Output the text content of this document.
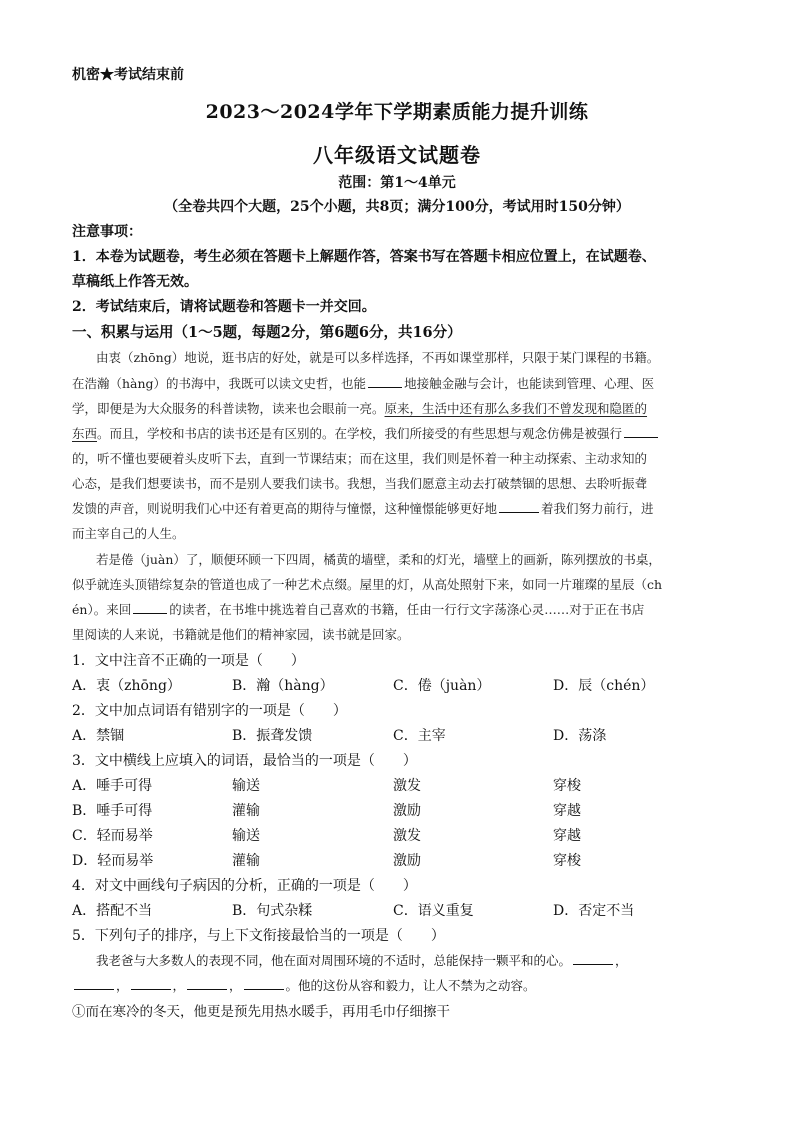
机密★考试结束前
2023～2024学年下学期素质能力提升训练
八年级语文试题卷
范围：第1～4单元
（全卷共四个大题，25个小题，共8页；满分100分，考试用时150分钟）
注意事项：
1．本卷为试题卷，考生必须在答题卡上解题作答，答案书写在答题卡相应位置上，在试题卷、
草稿纸上作答无效。
2．考试结束后，请将试题卷和答题卡一并交回。
一、积累与运用（1～5题，每题2分，第6题6分，共16分）
由衷（zhōng）地说，逛书店的好处，就是可以多样选择，不再如课堂那样，只限于某门课程的书籍。
在浩瀚（hàng）的书海中，我既可以读文史哲，也能	地接触金融与会计，也能读到管理、心理、医
学，即便是为大众服务的科普读物，读来也会眼前一亮。原来，生活中还有那么多我们不曾发现和隐匿的
东西。而且，学校和书店的读书还是有区别的。在学校，我们所接受的有些思想与观念仿佛是被强行
的，听不懂也要硬着头皮听下去，直到一节课结束；而在这里，我们则是怀着一种主动探索、主动求知的
心态，是我们想要读书，而不是别人要我们读书。我想，当我们愿意主动去打破禁锢的思想、去聆听振聋
发馈的声音，则说明我们心中还有着更高的期待与憧憬，这种憧憬能够更好地	着我们努力前行，进
而主宰自己的人生。
若是倦（juàn）了，顺便环顾一下四周，橘黄的墙壁，柔和的灯光，墙壁上的画新，陈列摆放的书桌，
似乎就连头顶错综复杂的管道也成了一种艺术点缀。屋里的灯，从高处照射下来，如同一片璀璨的星辰（ch
én）。来回	的读者，在书堆中挑选着自己喜欢的书籍，任由一行行文字荡涤心灵……对于正在书店
里阅读的人来说，书籍就是他们的精神家园，读书就是回家。
1．文中注音不正确的一项是（　　）
A．衷（zhōng）	B．瀚（hàng）	C．倦（juàn）	D．辰（chén）
2．文中加点词语有错别字的一项是（　　）
A．禁锢	B．振聋发馈	C．主宰	D．荡涤
3．文中横线上应填入的词语，最恰当的一项是（　　）
A．唾手可得	输送	激发	穿梭
B．唾手可得	灌输	激励	穿越
C．轻而易举	输送	激发	穿越
D．轻而易举	灌输	激励	穿梭
4．对文中画线句子病因的分析，正确的一项是（　　）
A．搭配不当	B．句式杂糅	C．语义重复	D．否定不当
5．下列句子的排序，与上下文衔接最恰当的一项是（　　）
我老爸与大多数人的表现不同，他在面对周围环境的不适时，总能保持一颗平和的心。	，
，	，	，	。他的这份从容和毅力，让人不禁为之动容。
①而在寒冷的冬天，他更是预先用热水暖手，再用毛巾仔细擦干
